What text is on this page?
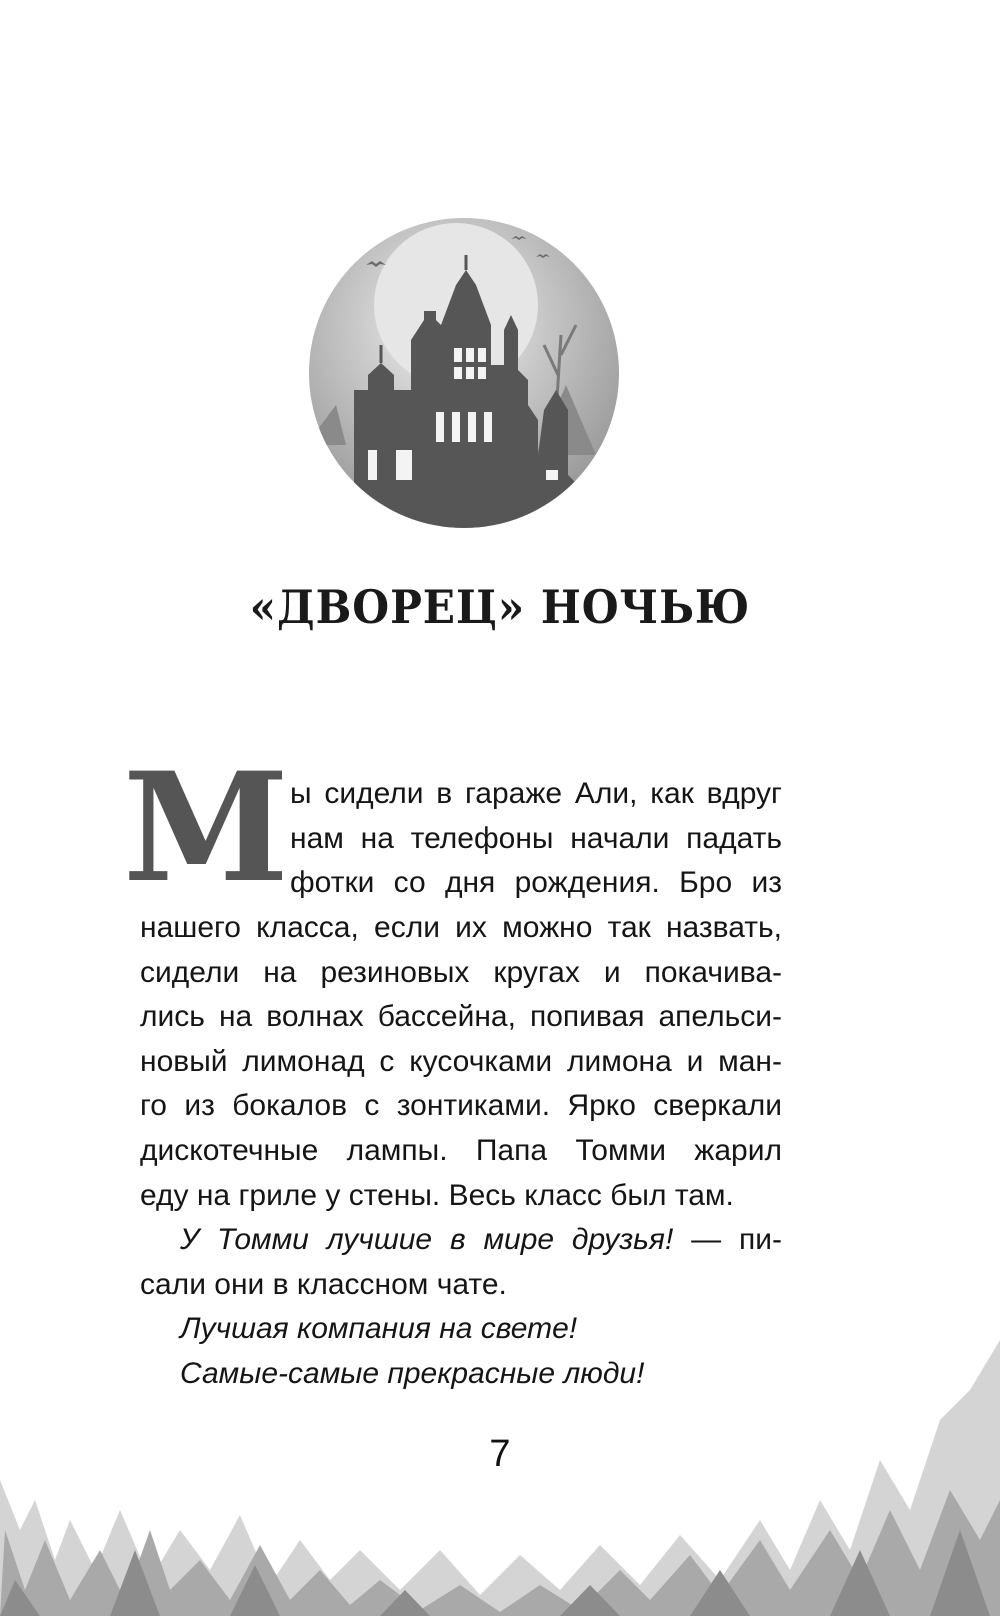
«ДВОРЕЦ» НОЧЬЮ
М ы сидели в гараже Али, как вдруг
нам на телефоны начали падать
фотки со дня рождения. Бро из
нашего класса, если их можно так назвать,
сидели на резиновых кругах и покачива-
лись на волнах бассейна, попивая апельси-
новый лимонад с кусочками лимона и ман-
го из бокалов с зонтиками. Ярко сверкали
дискотечные лампы. Папа Томми жарил
еду на гриле у стены. Весь класс был там.
У Томми лучшие в мире друзья! — пи-
сали они в классном чате.
Лучшая компания на свете!
Самые-самые прекрасные люди!
7
